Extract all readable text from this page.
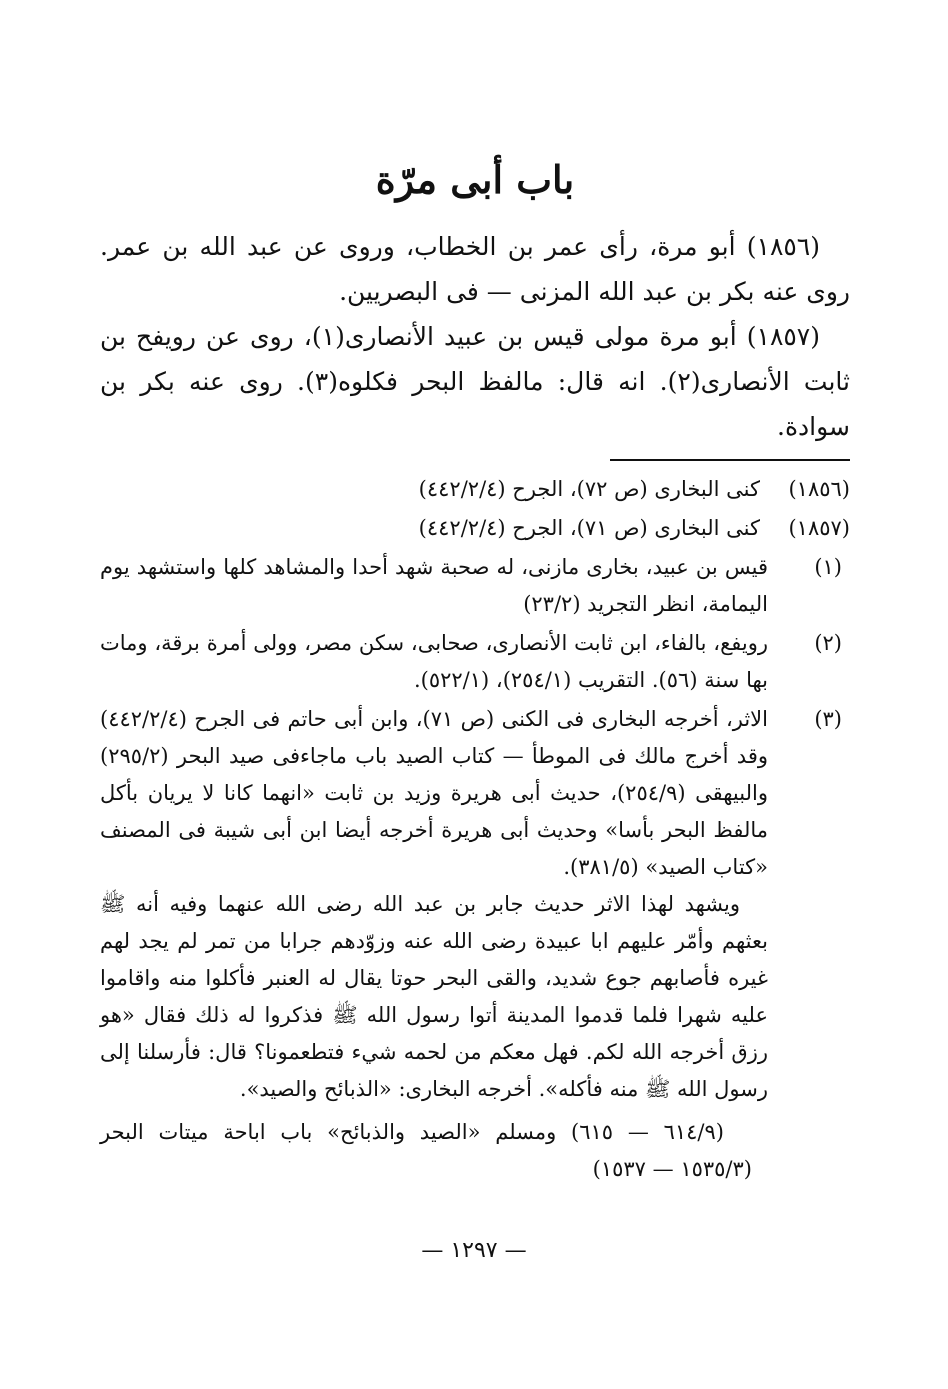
باب أبى مرّة

(١٨٥٦) أبو مرة، رأى عمر بن الخطاب، وروى عن عبد الله بن عمر. روى عنه بكر بن عبد الله المزنى — فى البصريين.

(١٨٥٧) أبو مرة مولى قيس بن عبيد الأنصارى(١)، روى عن رويفح بن ثابت الأنصارى(٢). انه قال: مالفظ البحر فكلوه(٣). روى عنه بكر بن سوادة.

(١٨٥٦)
كنى البخارى (ص ٧٢)، الجرح (٤٤٢/٢/٤)
(١٨٥٧)
كنى البخارى (ص ٧١)، الجرح (٤٤٢/٢/٤)
(١)

قيس بن عبيد، بخارى مازنى، له صحبة شهد أحدا والمشاهد كلها واستشهد يوم اليمامة، انظر التجريد (٢٣/٢)

(٢)

رويفع، بالفاء، ابن ثابت الأنصارى، صحابى، سكن مصر، وولى أمرة برقة، ومات بها سنة (٥٦). التقريب (٢٥٤/١)، (٥٢٢/١).

(٣)

الاثر، أخرجه البخارى فى الكنى (ص ٧١)، وابن أبى حاتم فى الجرح (٤٤٢/٢/٤) وقد أخرج مالك فى الموطأ — كتاب الصيد باب ماجاءفى صيد البحر (٢٩٥/٢) والبيهقى (٢٥٤/٩)، حديث أبى هريرة وزيد بن ثابت «انهما كانا لا يريان بأكل مالفظ البحر بأسا» وحديث أبى هريرة أخرجه أيضا ابن أبى شيبة فى المصنف «كتاب الصيد» (٣٨١/٥).

ويشهد لهذا الاثر حديث جابر بن عبد الله رضى الله عنهما وفيه أنه ﷺ بعثهم وأمّر عليهم ابا عبيدة رضى الله عنه وزوّدهم جرابا من تمر لم يجد لهم غيره فأصابهم جوع شديد، والقى البحر حوتا يقال له العنبر فأكلوا منه واقاموا عليه شهرا فلما قدموا المدينة أتوا رسول الله ﷺ فذكروا له ذلك فقال «هو رزق أخرجه الله لكم. فهل معكم من لحمه شيء فتطعمونا؟ قال: فأرسلنا إلى رسول الله ﷺ منه فأكله». أخرجه البخارى: «الذبائح والصيد».

(٦١٤/٩ — ٦١٥) ومسلم «الصيد والذبائح» باب اباحة ميتات البحر (١٥٣٥/٣ — ١٥٣٧)

— ١٢٩٧ —
